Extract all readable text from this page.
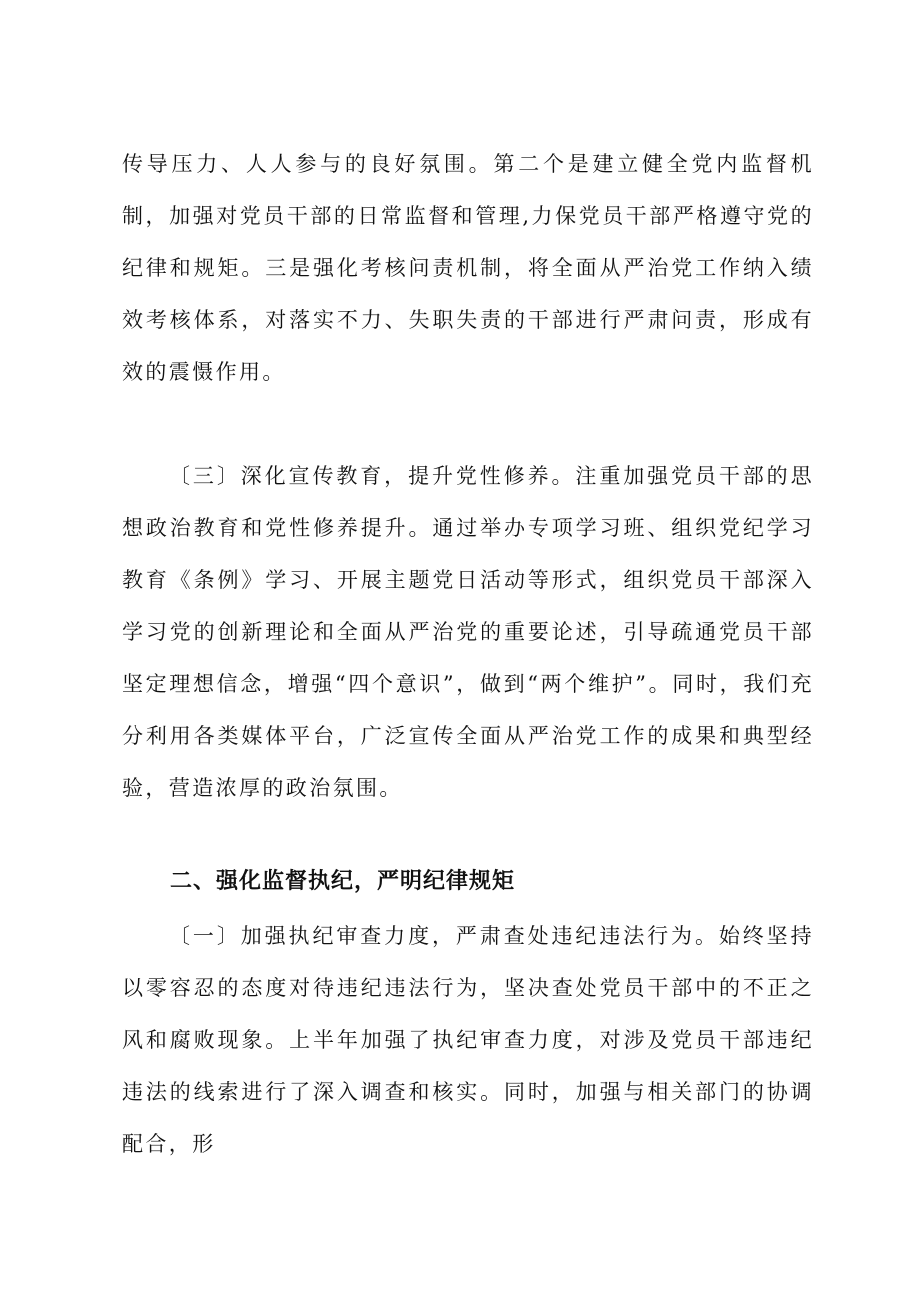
传导压力、人人参与的良好氛围。第二个是建立健全党内监督机制，加强对党员干部的日常监督和管理,力保党员干部严格遵守党的纪律和规矩。三是强化考核问责机制，将全面从严治党工作纳入绩效考核体系，对落实不力、失职失责的干部进行严肃问责，形成有效的震慑作用。

〔三〕深化宣传教育，提升党性修养。注重加强党员干部的思想政治教育和党性修养提升。通过举办专项学习班、组织党纪学习教育《条例》学习、开展主题党日活动等形式，组织党员干部深入学习党的创新理论和全面从严治党的重要论述，引导疏通党员干部坚定理想信念，增强“四个意识”，做到“两个维护”。同时，我们充分利用各类媒体平台，广泛宣传全面从严治党工作的成果和典型经验，营造浓厚的政治氛围。

二、强化监督执纪，严明纪律规矩

〔一〕加强执纪审查力度，严肃查处违纪违法行为。始终坚持以零容忍的态度对待违纪违法行为，坚决查处党员干部中的不正之风和腐败现象。上半年加强了执纪审查力度，对涉及党员干部违纪违法的线索进行了深入调查和核实。同时，加强与相关部门的协调配合，形
